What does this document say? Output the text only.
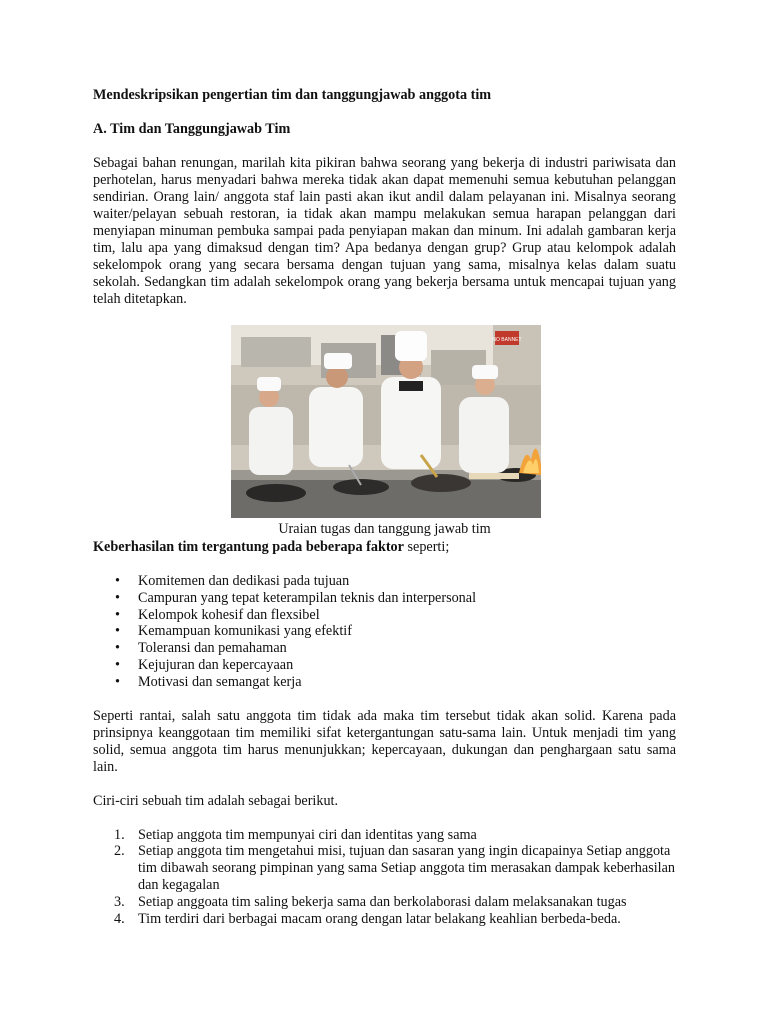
Mendeskripsikan pengertian tim dan tanggungjawab anggota tim

A. Tim dan Tanggungjawab Tim

Sebagai bahan renungan, marilah kita pikiran bahwa seorang yang bekerja di industri pariwisata dan perhotelan, harus menyadari bahwa mereka tidak akan dapat memenuhi semua kebutuhan pelanggan sendirian. Orang lain/ anggota staf lain pasti akan ikut andil dalam pelayanan ini. Misalnya seorang waiter/pelayan sebuah restoran, ia tidak akan mampu melakukan semua harapan pelanggan dari menyiapan minuman pembuka sampai pada penyiapan makan dan minum. Ini adalah gambaran kerja tim, lalu apa yang dimaksud dengan tim? Apa bedanya dengan grup? Grup atau kelompok adalah sekelompok orang yang secara bersama dengan tujuan yang sama, misalnya kelas dalam suatu sekolah. Sedangkan tim adalah sekelompok orang yang bekerja bersama untuk mencapai tujuan yang telah ditetapkan.

NO BANNET
Uraian tugas dan tanggung jawab tim

Keberhasilan tim tergantung pada beberapa faktor seperti;

• Komitemen dan dedikasi pada tujuan
• Campuran yang tepat keterampilan teknis dan interpersonal
• Kelompok kohesif dan flexsibel
• Kemampuan komunikasi yang efektif
• Toleransi dan pemahaman
• Kejujuran dan kepercayaan
• Motivasi dan semangat kerja

Seperti rantai, salah satu anggota tim tidak ada maka tim tersebut tidak akan solid. Karena pada prinsipnya keanggotaan tim memiliki sifat ketergantungan satu-sama lain. Untuk menjadi tim yang solid, semua anggota tim harus menunjukkan; kepercayaan, dukungan dan penghargaan satu sama lain.

Ciri-ciri sebuah tim adalah sebagai berikut.

1. Setiap anggota tim mempunyai ciri dan identitas yang sama
2. Setiap anggota tim mengetahui misi, tujuan dan sasaran yang ingin dicapainya Setiap anggota tim dibawah seorang pimpinan yang sama Setiap anggota tim merasakan dampak keberhasilan dan kegagalan
3. Setiap anggoata tim saling bekerja sama dan berkolaborasi dalam melaksanakan tugas
4. Tim terdiri dari berbagai macam orang dengan latar belakang keahlian berbeda-beda.
